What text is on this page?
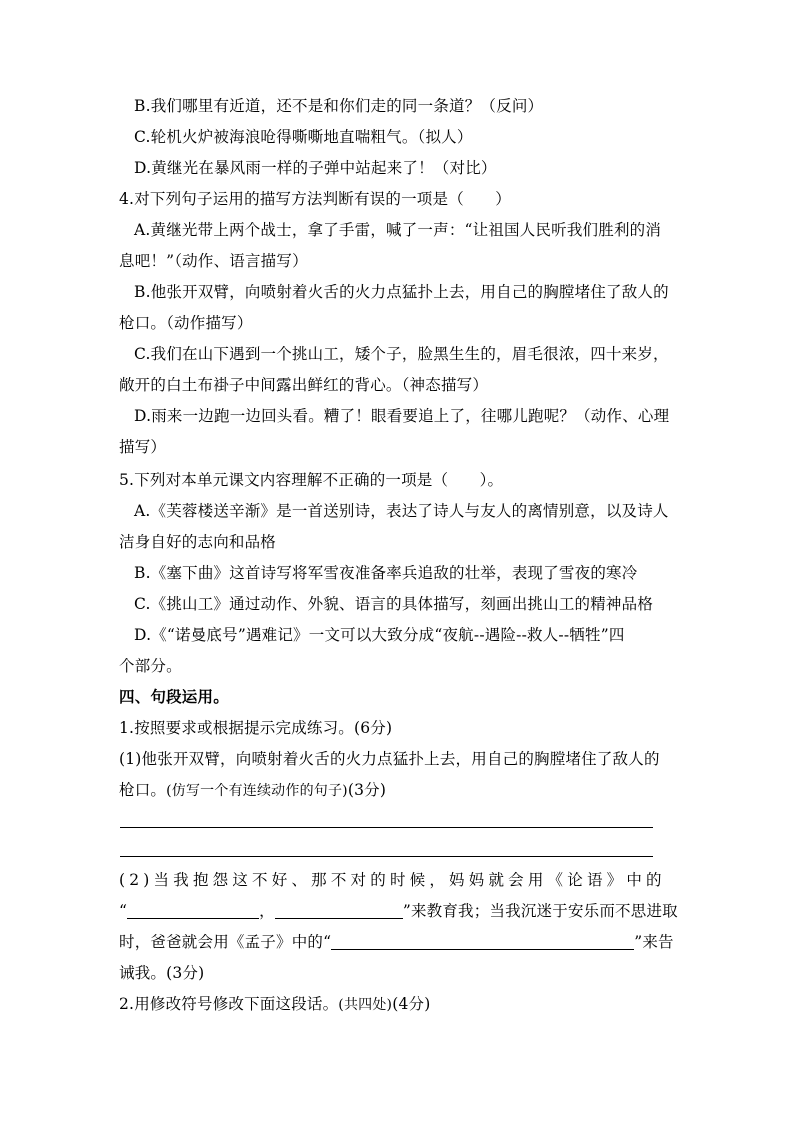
B.我们哪里有近道，还不是和你们走的同一条道？（反问）
C.轮机火炉被海浪呛得嘶嘶地直喘粗气。（拟人）
D.黄继光在暴风雨一样的子弹中站起来了！（对比）
4.对下列句子运用的描写方法判断有误的一项是（　　）
A.黄继光带上两个战士，拿了手雷，喊了一声：“让祖国人民听我们胜利的消
息吧！”（动作、语言描写）
B.他张开双臂，向喷射着火舌的火力点猛扑上去，用自己的胸膛堵住了敌人的
枪口。（动作描写）
C.我们在山下遇到一个挑山工，矮个子，脸黑生生的，眉毛很浓，四十来岁，
敞开的白土布褂子中间露出鲜红的背心。（神态描写）
D.雨来一边跑一边回头看。糟了！眼看要追上了，往哪儿跑呢？（动作、心理
描写）
5.下列对本单元课文内容理解不正确的一项是（　　）。
A.《芙蓉楼送辛渐》是一首送别诗，表达了诗人与友人的离情别意，以及诗人
洁身自好的志向和品格
B.《塞下曲》这首诗写将军雪夜准备率兵追敌的壮举，表现了雪夜的寒冷
C.《挑山工》通过动作、外貌、语言的具体描写，刻画出挑山工的精神品格
D.《“诺曼底号”遇难记》一文可以大致分成“夜航--遇险--救人--牺牲”四
个部分。
四、句段运用。
1.按照要求或根据提示完成练习。(6分)
(1)他张开双臂，向喷射着火舌的火力点猛扑上去，用自己的胸膛堵住了敌人的
枪口。(仿写一个有连续动作的句子)(3分)
(2)当我抱怨这不好、那不对的时候，妈妈就会用《论语》中的
“	，	”来教育我；当我沉迷于安乐而不思进取
时，爸爸就会用《孟子》中的“	”来告
诫我。(3分)
2.用修改符号修改下面这段话。(共四处)(4分)
